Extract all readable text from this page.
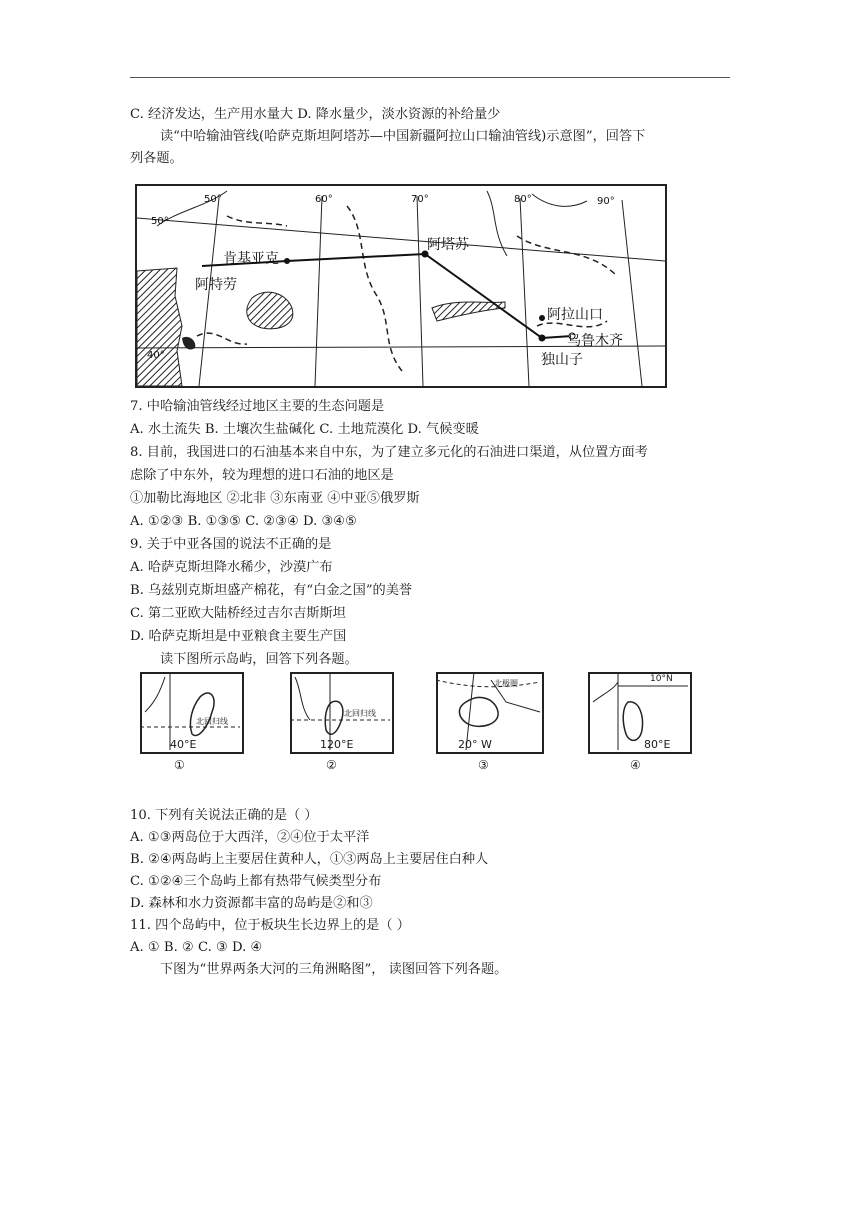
C. 经济发达，生产用水量大 D. 降水量少，淡水资源的补给量少
读“中哈输油管线(哈萨克斯坦阿塔苏—中国新疆阿拉山口输油管线)示意图”，回答下
列各题。
50°	60°	70°	80°	90°
50°
40°
肯基亚克
阿塔苏
阿特劳
阿拉山口
乌鲁木齐
独山子
7. 中哈输油管线经过地区主要的生态问题是
A. 水土流失 B. 土壤次生盐碱化 C. 土地荒漠化 D. 气候变暖
8. 目前，我国进口的石油基本来自中东，为了建立多元化的石油进口渠道，从位置方面考
虑除了中东外，较为理想的进口石油的地区是
①加勒比海地区 ②北非 ③东南亚 ④中亚⑤俄罗斯
A. ①②③ B. ①③⑤ C. ②③④ D. ③④⑤
9. 关于中亚各国的说法不正确的是
A. 哈萨克斯坦降水稀少，沙漠广布
B. 乌兹别克斯坦盛产棉花，有“白金之国”的美誉
C. 第二亚欧大陆桥经过吉尔吉斯斯坦
D. 哈萨克斯坦是中亚粮食主要生产国
读下图所示岛屿，回答下列各题。
北回归线
40°E
①
北回归线
120°E
②
北极圈
20° W
③
10°N
80°E
④
10. 下列有关说法正确的是（ ）
A. ①③两岛位于大西洋，②④位于太平洋
B. ②④两岛屿上主要居住黄种人，①③两岛上主要居住白种人
C. ①②④三个岛屿上都有热带气候类型分布
D. 森林和水力资源都丰富的岛屿是②和③
11. 四个岛屿中，位于板块生长边界上的是（ ）
A. ① B. ② C. ③ D. ④
下图为“世界两条大河的三角洲略图”， 读图回答下列各题。
